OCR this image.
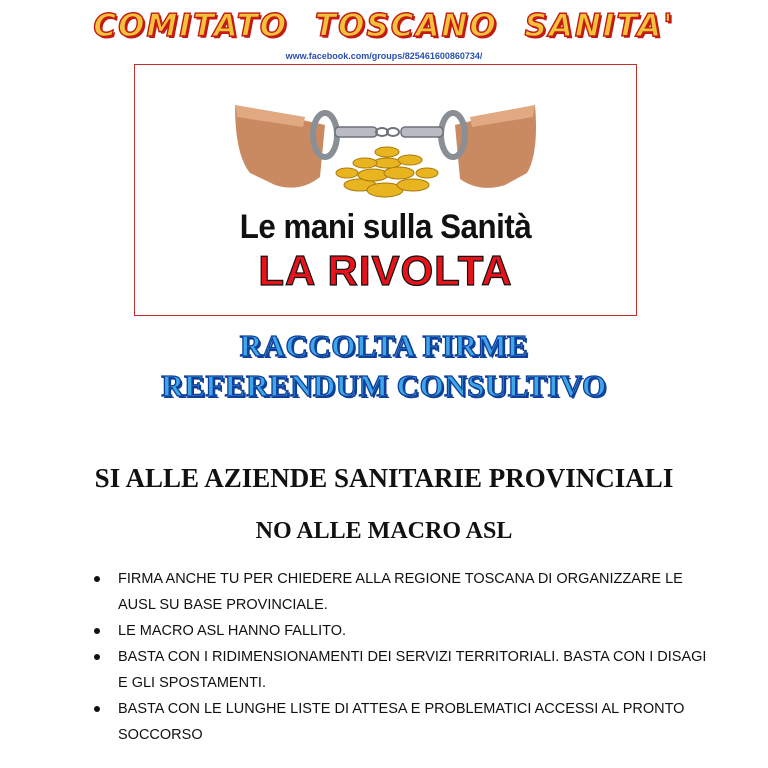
COMITATO TOSCANO SANITA'
www.facebook.com/groups/825461600860734/
Le mani sulla Sanità
LA RIVOLTA
RACCOLTA FIRME
REFERENDUM CONSULTIVO
SI ALLE AZIENDE SANITARIE PROVINCIALI
NO ALLE MACRO ASL
FIRMA ANCHE TU PER CHIEDERE ALLA REGIONE TOSCANA DI ORGANIZZARE LE AUSL SU BASE PROVINCIALE.
LE MACRO ASL HANNO FALLITO.
BASTA CON I RIDIMENSIONAMENTI DEI SERVIZI TERRITORIALI. BASTA CON I DISAGI E GLI SPOSTAMENTI.
BASTA CON LE LUNGHE LISTE DI ATTESA E PROBLEMATICI ACCESSI AL PRONTO SOCCORSO
